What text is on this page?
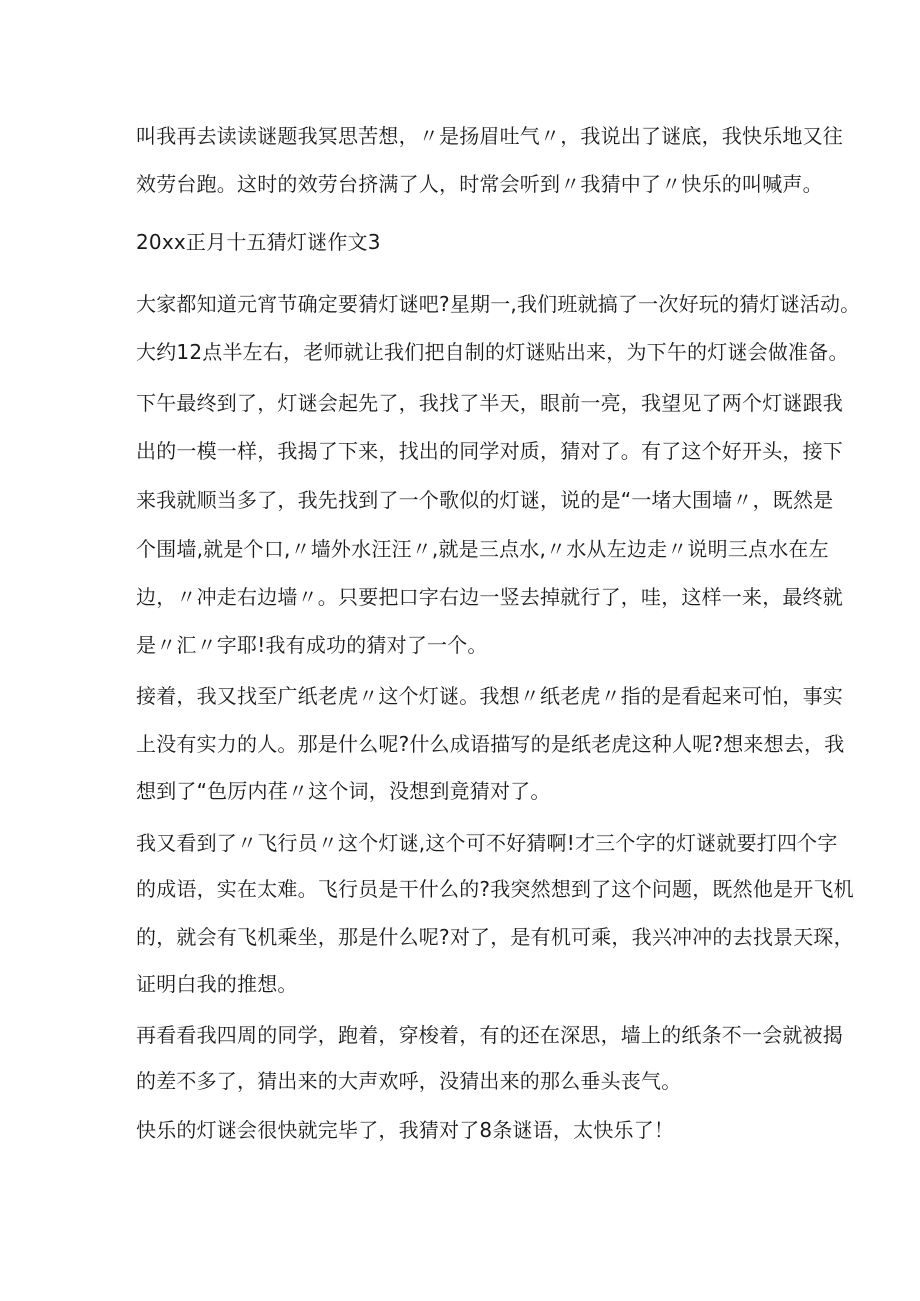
叫我再去读读谜题我冥思苦想，〃是扬眉吐气〃，我说出了谜底，我快乐地又往
效劳台跑。这时的效劳台挤满了人，时常会听到〃我猜中了〃快乐的叫喊声。
20xx正月十五猜灯谜作文3
大家都知道元宵节确定要猜灯谜吧?星期一,我们班就搞了一次好玩的猜灯谜活动。
大约12点半左右，老师就让我们把自制的灯谜贴出来，为下午的灯谜会做准备。
下午最终到了，灯谜会起先了，我找了半天，眼前一亮，我望见了两个灯谜跟我
出的一模一样，我揭了下来，找出的同学对质，猜对了。有了这个好开头，接下
来我就顺当多了，我先找到了一个歌似的灯谜，说的是“一堵大围墙〃，既然是
个围墙,就是个口,〃墙外水汪汪〃,就是三点水,〃水从左边走〃说明三点水在左
边，〃冲走右边墙〃。只要把口字右边一竖去掉就行了，哇，这样一来，最终就
是〃汇〃字耶!我有成功的猜对了一个。
接着，我又找至广纸老虎〃这个灯谜。我想〃纸老虎〃指的是看起来可怕，事实
上没有实力的人。那是什么呢?什么成语描写的是纸老虎这种人呢?想来想去，我
想到了“色厉内荏〃这个词，没想到竟猜对了。
我又看到了〃飞行员〃这个灯谜,这个可不好猜啊!才三个字的灯谜就要打四个字
的成语，实在太难。飞行员是干什么的?我突然想到了这个问题，既然他是开飞机
的，就会有飞机乘坐，那是什么呢?对了，是有机可乘，我兴冲冲的去找景天琛，
证明白我的推想。
再看看我四周的同学，跑着，穿梭着，有的还在深思，墙上的纸条不一会就被揭
的差不多了，猜出来的大声欢呼，没猜出来的那么垂头丧气。
快乐的灯谜会很快就完毕了，我猜对了8条谜语，太快乐了！
